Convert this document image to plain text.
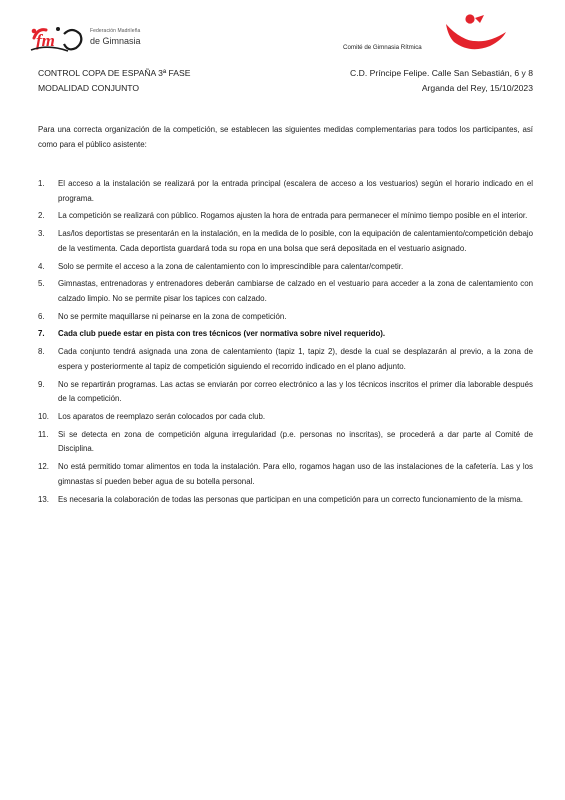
fm	Federación Madrileña
de Gimnasia
Comité de Gimnasia Rítmica
CONTROL COPA DE ESPAÑA 3ª FASE
MODALIDAD CONJUNTO
C.D. Príncipe Felipe. Calle San Sebastián, 6 y 8
Arganda del Rey, 15/10/2023
Para una correcta organización de la competición, se establecen las siguientes medidas complementarias para todos los participantes, así como para el público asistente:
1.	El acceso a la instalación se realizará por la entrada principal (escalera de acceso a los vestuarios) según el horario indicado en el programa.
2.	La competición se realizará con público. Rogamos ajusten la hora de entrada para permanecer el mínimo tiempo posible en el interior.
3.	Las/los deportistas se presentarán en la instalación, en la medida de lo posible, con la equipación de calentamiento/competición debajo de la vestimenta. Cada deportista guardará toda su ropa en una bolsa que será depositada en el vestuario asignado.
4.	Solo se permite el acceso a la zona de calentamiento con lo imprescindible para calentar/competir.
5.	Gimnastas, entrenadoras y entrenadores deberán cambiarse de calzado en el vestuario para acceder a la zona de calentamiento con calzado limpio. No se permite pisar los tapices con calzado.
6.	No se permite maquillarse ni peinarse en la zona de competición.
7.	Cada club puede estar en pista con tres técnicos (ver normativa sobre nivel requerido).
8.	Cada conjunto tendrá asignada una zona de calentamiento (tapiz 1, tapiz 2), desde la cual se desplazarán al previo, a la zona de espera y posteriormente al tapiz de competición siguiendo el recorrido indicado en el plano adjunto.
9.	No se repartirán programas. Las actas se enviarán por correo electrónico a las y los técnicos inscritos el primer día laborable después de la competición.
10.	Los aparatos de reemplazo serán colocados por cada club.
11.	Si se detecta en zona de competición alguna irregularidad (p.e. personas no inscritas), se procederá a dar parte al Comité de Disciplina.
12.	No está permitido tomar alimentos en toda la instalación. Para ello, rogamos hagan uso de las instalaciones de la cafetería. Las y los gimnastas sí pueden beber agua de su botella personal.
13.	Es necesaria la colaboración de todas las personas que participan en una competición para un correcto funcionamiento de la misma.
